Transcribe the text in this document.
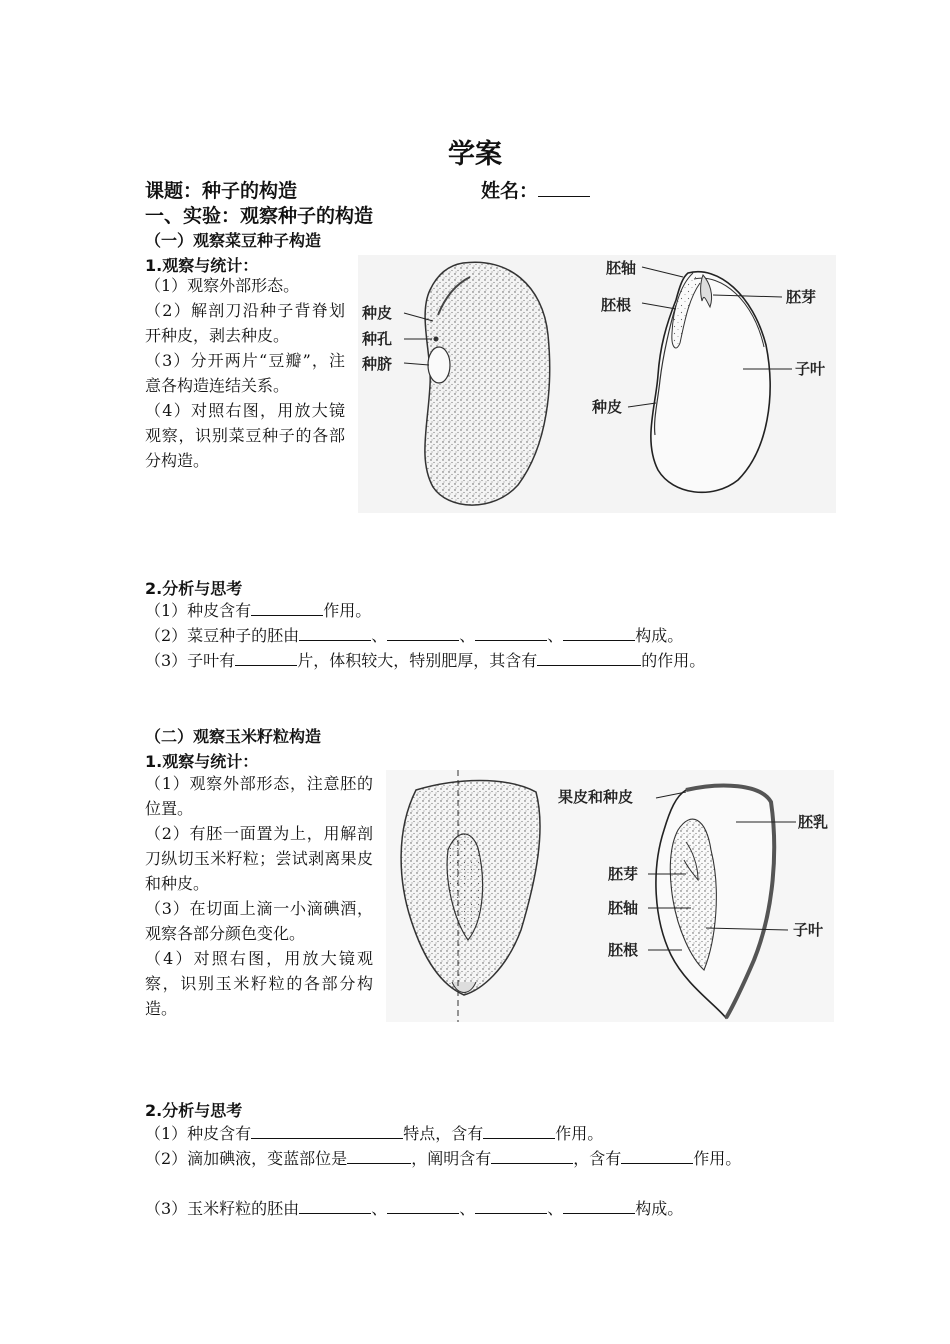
学案
课题：种子的构造	姓名：
一、实验：观察种子的构造
（一）观察菜豆种子构造
1.观察与统计：
（1）观察外部形态。
（2）解剖刀沿种子背脊划开种皮，剥去种皮。
（3）分开两片“豆瓣”，注意各构造连结关系。
（4）对照右图，用放大镜观察，识别菜豆种子的各部分构造。
种皮
种孔
种脐
胚轴
胚根	胚芽
子叶
种皮
2.分析与思考
（1）种皮含有	作用。
（2）菜豆种子的胚由	、	、	、	构成。
（3）子叶有	片，体积较大，特别肥厚，其含有	的作用。
（二）观察玉米籽粒构造
1.观察与统计：
（1）观察外部形态，注意胚的位置。
（2）有胚一面置为上，用解剖刀纵切玉米籽粒；尝试剥离果皮和种皮。
（3）在切面上滴一小滴碘酒，观察各部分颜色变化。
（4）对照右图，用放大镜观察，识别玉米籽粒的各部分构造。
果皮和种皮
胚乳
胚芽
胚轴
子叶
胚根
2.分析与思考
（1）种皮含有	特点，含有	作用。
（2）滴加碘液，变蓝部位是	，阐明含有	，含有	作用。
（3）玉米籽粒的胚由	、	、	、	构成。
